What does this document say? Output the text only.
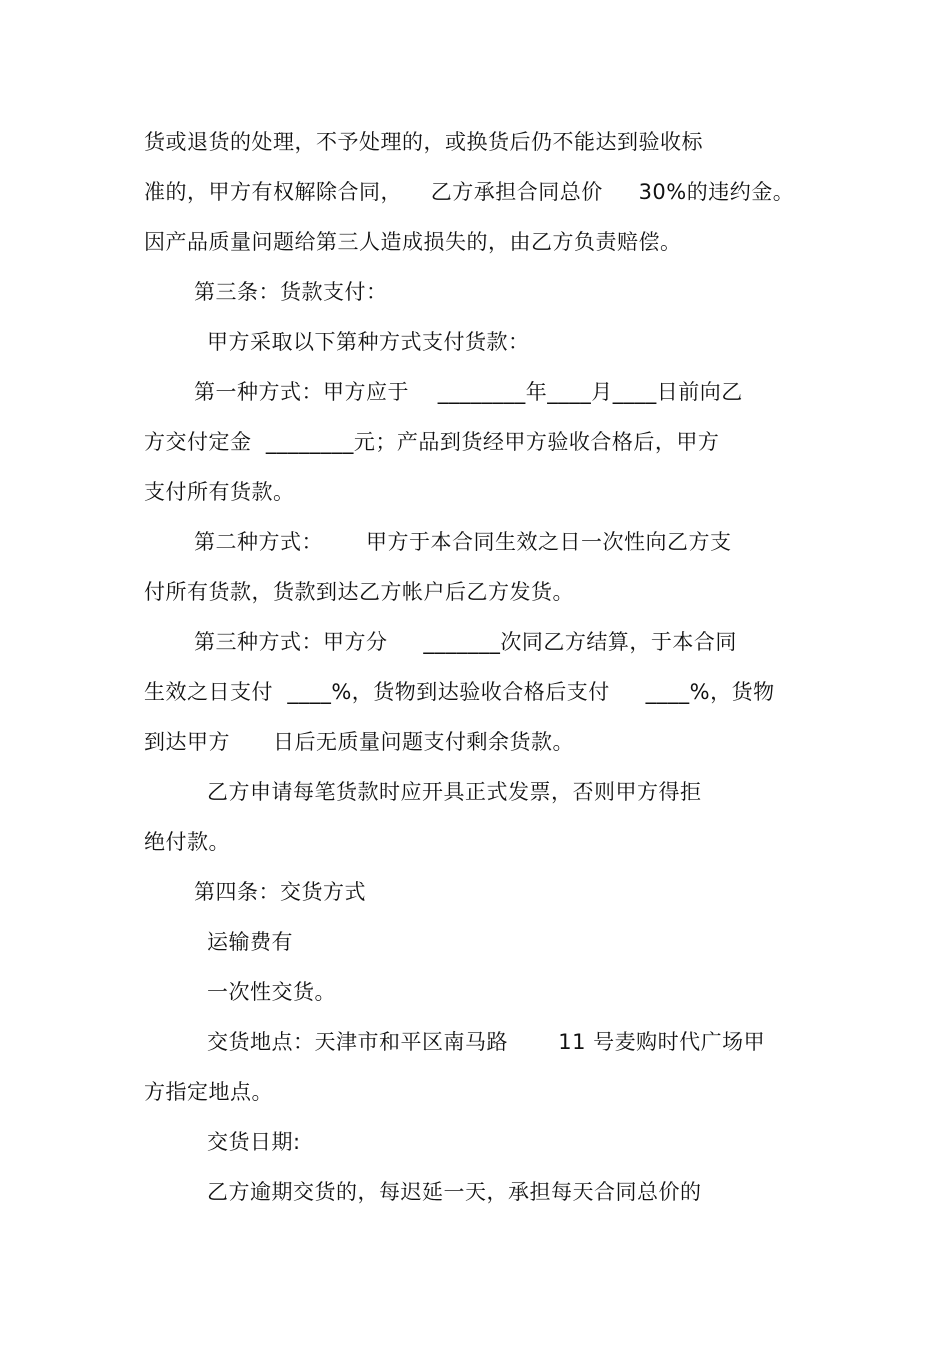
货或退货的处理，不予处理的，或换货后仍不能达到验收标
准的，甲方有权解除合同，    乙方承担合同总价     30%的违约金。
因产品质量问题给第三人造成损失的，由乙方负责赔偿。
第三条：货款支付：
甲方采取以下第种方式支付货款：
第一种方式：甲方应于    ________年____月____日前向乙
方交付定金  ________元；产品到货经甲方验收合格后，甲方
支付所有货款。
第二种方式：      甲方于本合同生效之日一次性向乙方支
付所有货款，货款到达乙方帐户后乙方发货。
第三种方式：甲方分     _______次同乙方结算，于本合同
生效之日支付  ____%，货物到达验收合格后支付     ____%，货物
到达甲方      日后无质量问题支付剩余货款。
乙方申请每笔货款时应开具正式发票，否则甲方得拒
绝付款。
第四条：交货方式
运输费有
一次性交货。
交货地点：天津市和平区南马路       11 号麦购时代广场甲
方指定地点。
交货日期:
乙方逾期交货的，每迟延一天，承担每天合同总价的
